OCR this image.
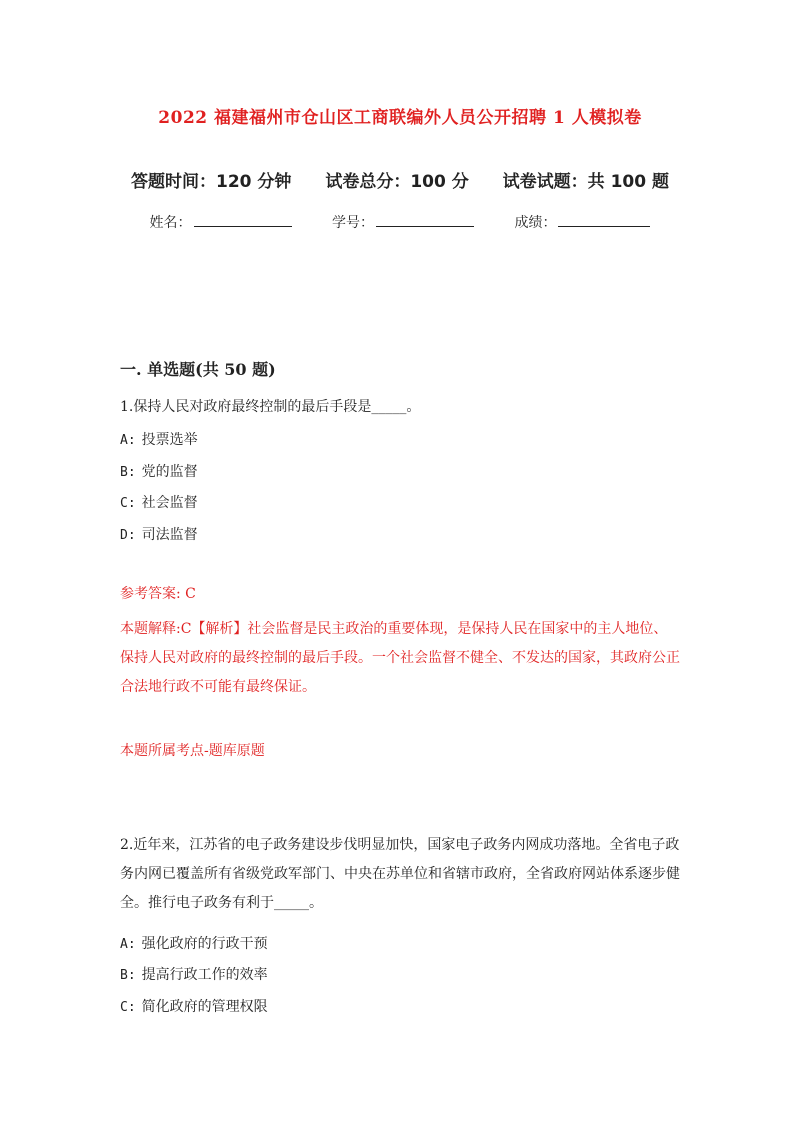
2022 福建福州市仓山区工商联编外人员公开招聘 1 人模拟卷
答题时间：120 分钟 试卷总分：100 分 试卷试题：共 100 题
姓名：	学号：	成绩：
一. 单选题(共 50 题)
1.保持人民对政府最终控制的最后手段是_____。
A: 投票选举
B: 党的监督
C: 社会监督
D: 司法监督
参考答案: C
本题解释:C【解析】社会监督是民主政治的重要体现，是保持人民在国家中的主人地位、保持人民对政府的最终控制的最后手段。一个社会监督不健全、不发达的国家，其政府公正合法地行政不可能有最终保证。
本题所属考点-题库原题
2.近年来，江苏省的电子政务建设步伐明显加快，国家电子政务内网成功落地。全省电子政务内网已覆盖所有省级党政军部门、中央在苏单位和省辖市政府，全省政府网站体系逐步健全。推行电子政务有利于_____。
A: 强化政府的行政干预
B: 提高行政工作的效率
C: 简化政府的管理权限
